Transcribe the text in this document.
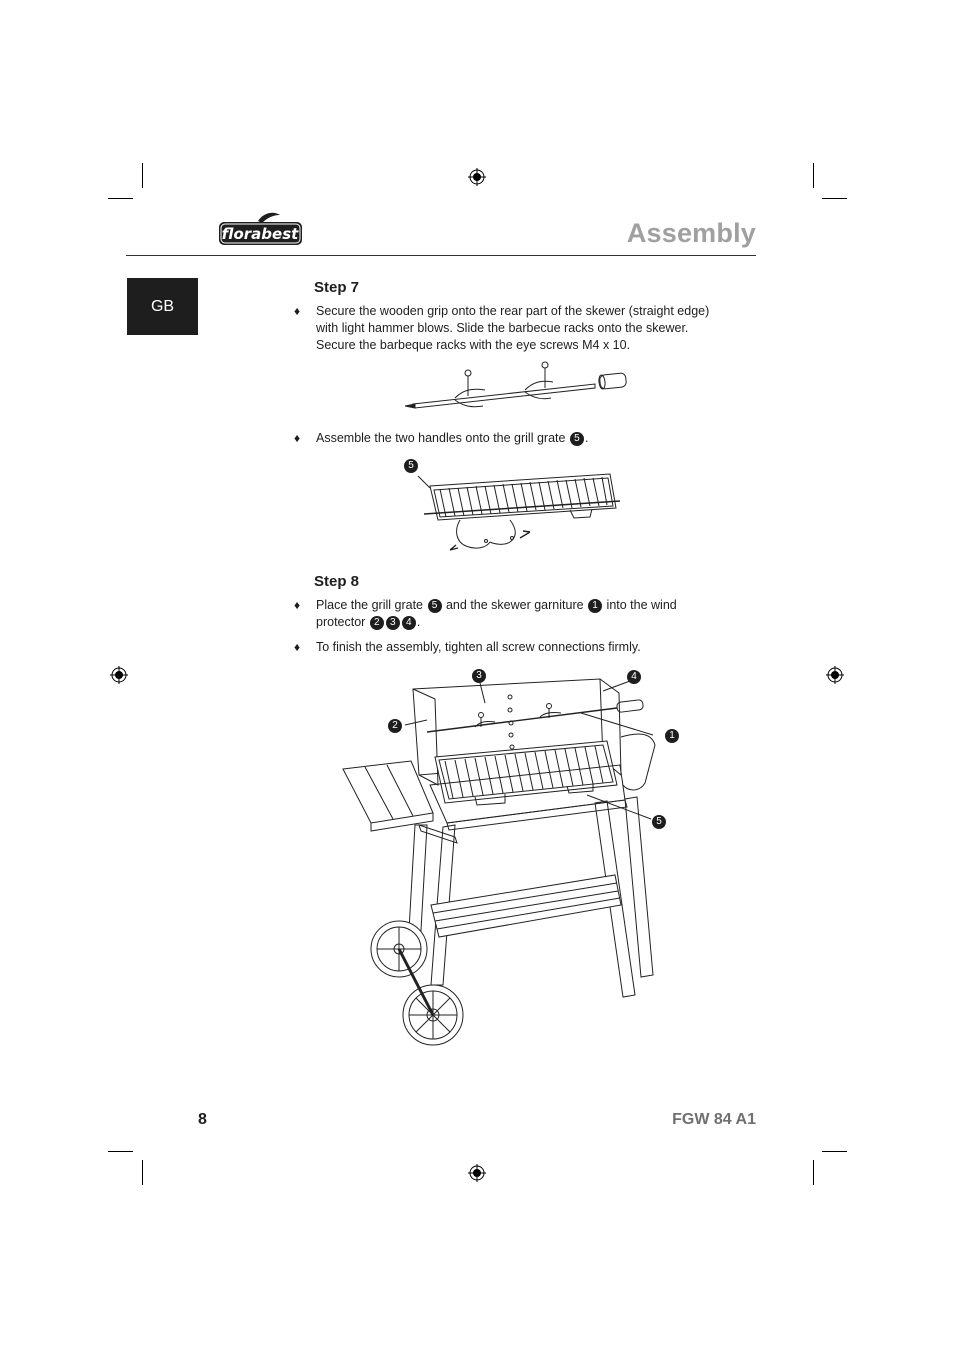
florabest	Assembly
GB
Step 7
♦ Secure the wooden grip onto the rear part of the skewer (straight edge)
with light hammer blows. Slide the barbecue racks onto the skewer.
Secure the barbeque racks with the eye screws M4 x 10.
♦ Assemble the two handles onto the grill grate 5 .
5
Step 8
♦ Place the grill grate 5 and the skewer garniture 1 into the wind
protector 2 3 4 .
♦ To finish the assembly, tighten all screw connections firmly.
3	4
2
1
5
8	FGW 84 A1
